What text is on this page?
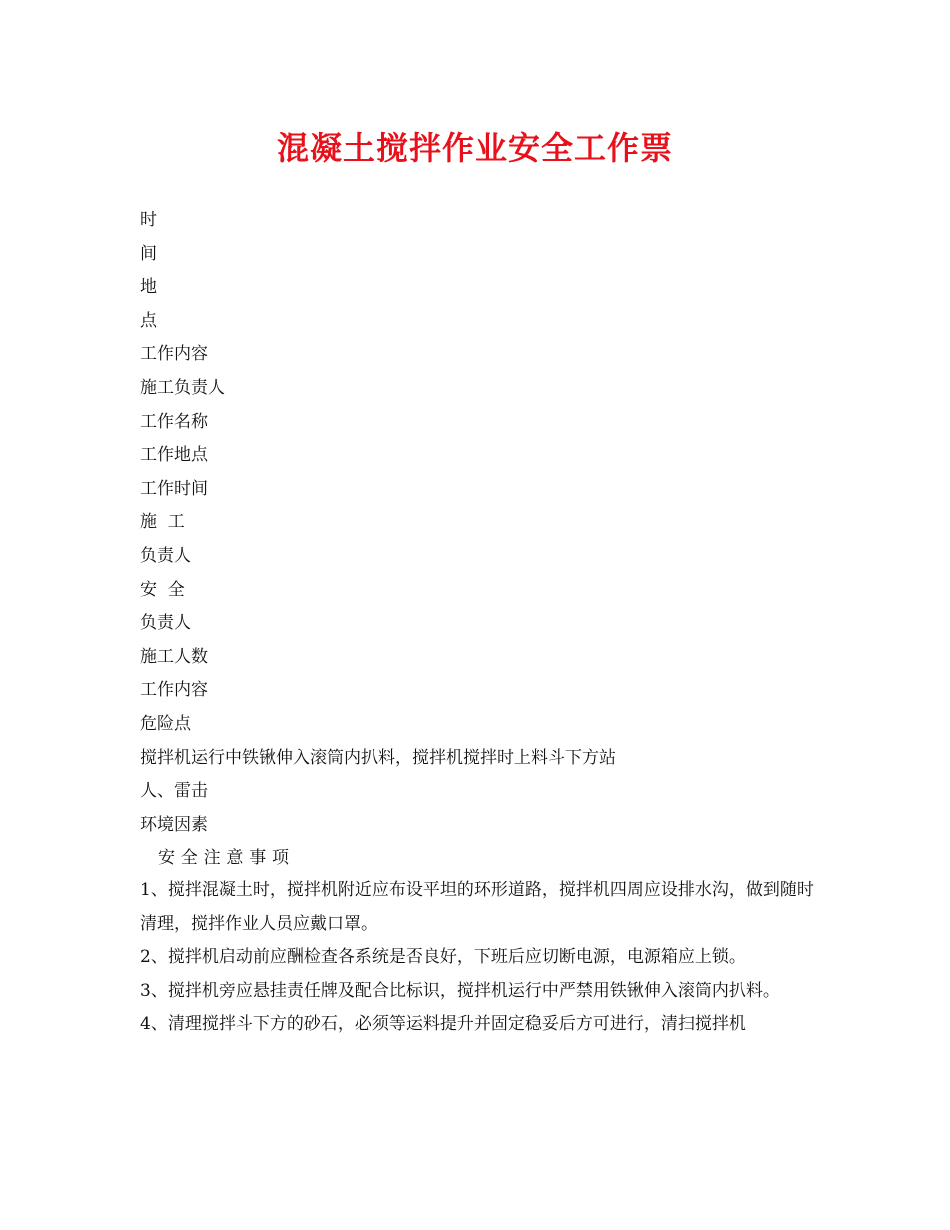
混凝土搅拌作业安全工作票
时
间
地
点
工作内容
施工负责人
工作名称
工作地点
工作时间
施  工
负责人
安  全
负责人
施工人数
工作内容
危险点
搅拌机运行中铁锹伸入滚筒内扒料，搅拌机搅拌时上料斗下方站
人、雷击
环境因素
安 全 注 意 事 项
1、搅拌混凝土时，搅拌机附近应布设平坦的环形道路，搅拌机四周应设排水沟，做到随时清理，搅拌作业人员应戴口罩。
2、搅拌机启动前应酬检查各系统是否良好，下班后应切断电源，电源箱应上锁。
3、搅拌机旁应悬挂责任牌及配合比标识，搅拌机运行中严禁用铁锹伸入滚筒内扒料。
4、清理搅拌斗下方的砂石，必须等运料提升并固定稳妥后方可进行，清扫搅拌机
